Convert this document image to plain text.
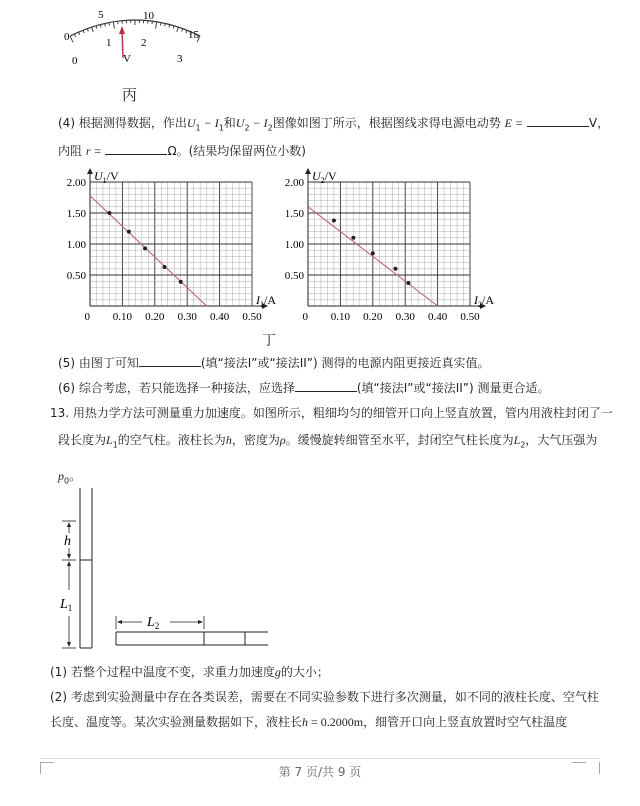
0
5	10
15
0
1	2
3
V
丙
(4) 根据测得数据，作出$U_1 - I_1$和$U_2 - I_2$图像如图丁所示，根据图线求得电源电动势 E =	V，
内阻 r =	Ω。(结果均保留两位小数)
0 0.10 0.20 0.30 0.40 0.50
0.50
1.00
1.50
2.00 $U_1/V$
$I_1/A$
0 0.10 0.20 0.30 0.40 0.50
0.50
1.00
1.50
2.00 $U_2/V$
$I_2/A$
丁
(5) 由图丁可知	(填“接法I”或“接法II”) 测得的电源内阻更接近真实值。
(6) 综合考虑，若只能选择一种接法，应选择	(填“接法I”或“接法II”) 测量更合适。
13. 用热力学方法可测量重力加速度。如图所示，粗细均匀的细管开口向上竖直放置，管内用液柱封闭了一
段长度为$L_1$的空气柱。液柱长为h，密度为ρ。缓慢旋转细管至水平，封闭空气柱长度为$L_2$，大气压强为
$p_0$。
h
$L_1$
$L_2$
(1) 若整个过程中温度不变，求重力加速度g的大小；
(2) 考虑到实验测量中存在各类误差，需要在不同实验参数下进行多次测量，如不同的液柱长度、空气柱
长度、温度等。某次实验测量数据如下，液柱长h = 0.2000m，细管开口向上竖直放置时空气柱温度
第 7 页/共 9 页
